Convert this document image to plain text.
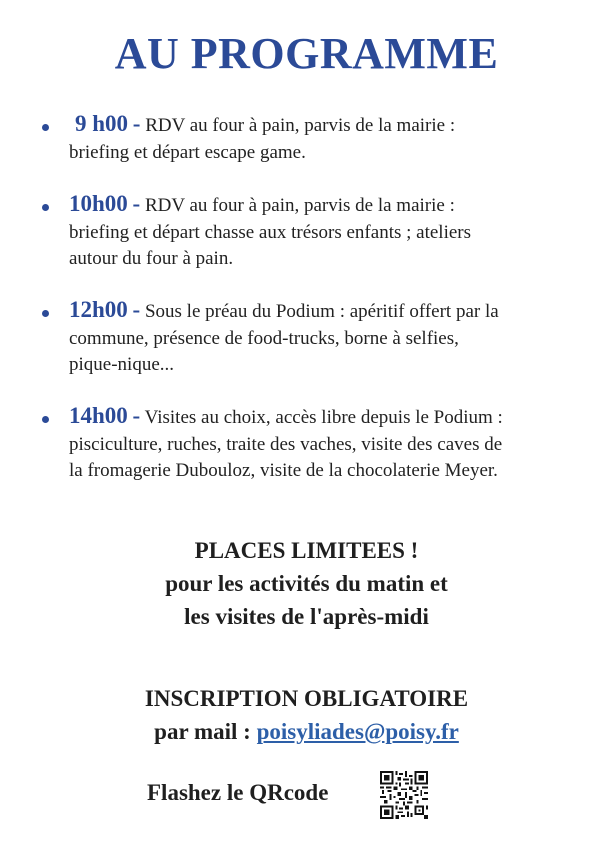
AU PROGRAMME
9 h00 - RDV au four à pain, parvis de la mairie :
briefing et départ escape game.
10h00 - RDV au four à pain, parvis de la mairie :
briefing et départ chasse aux trésors enfants ; ateliers
autour du four à pain.
12h00 - Sous le préau du Podium : apéritif offert par la
commune, présence de food-trucks, borne à selfies,
pique-nique...
14h00 - Visites au choix, accès libre depuis le Podium :
pisciculture, ruches, traite des vaches, visite des caves de
la fromagerie Dubouloz, visite de la chocolaterie Meyer.
PLACES LIMITEES !
pour les activités du matin et
les visites de l'après-midi
INSCRIPTION OBLIGATOIRE
par mail : poisyliades@poisy.fr
Flashez le QRcode
